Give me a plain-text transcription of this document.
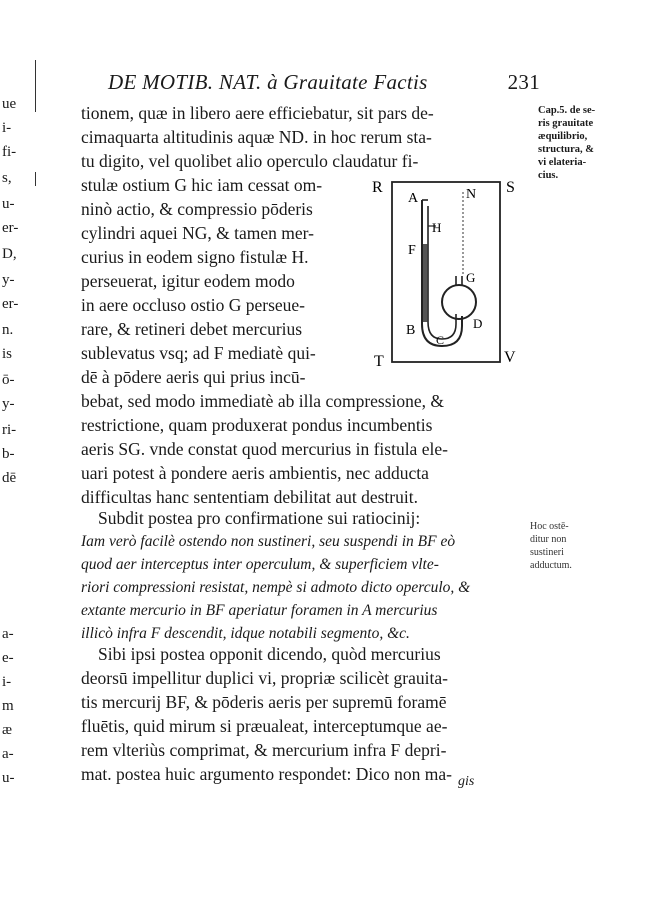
ue
i-
fi-
s,
u-
er-
D,
y-
er-
n.
is
ō-
y-
ri-
b-
dē
a-
e-
i-
m
æ
a-
u-
DE MOTIB. NAT. à Grauitate Factis	231
tionem, quæ in libero aere efficiebatur, sit pars de-
cimaquarta altitudinis aquæ ND. in hoc rerum sta-
tu digito, vel quolibet alio operculo claudatur fi-
stulæ ostium G hic iam cessat om-
ninò actio, & compressio pōderis
cylindri aquei NG, & tamen mer-
curius in eodem signo fistulæ H.
perseuerat, igitur eodem modo
in aere occluso ostio G perseue-
rare, & retineri debet mercurius
sublevatus vsq; ad F mediatè qui-
dē à pōdere aeris qui prius incū-
bebat, sed modo immediatè ab illa compressione, &
restrictione, quam produxerat pondus incumbentis
aeris SG. vnde constat quod mercurius in fistula ele-
uari potest à pondere aeris ambientis, nec adducta
difficultas hanc sententiam debilitat aut destruit.
Subdit postea pro confirmatione sui ratiocinij:
Iam verò facilè ostendo non sustineri, seu suspendi in BF eò
quod aer interceptus inter operculum, & superficiem vlte-
riori compressioni resistat, nempè si admoto dicto operculo, &
extante mercurio in BF aperiatur foramen in A mercurius
illicò infra F descendit, idque notabili segmento, &c.
Sibi ipsi postea opponit dicendo, quòd mercurius
deorsū impellitur duplici vi, propriæ scilicèt grauita-
tis mercurij BF, & pōderis aeris per supremū foramē
fluētis, quid mirum si præualeat, interceptumque ae-
rem vlteriùs comprimat, & mercurium infra F depri-
mat. postea huic argumento respondet: Dico non ma-
Cap.5. de se-
ris grauitate
æquilibrio,
structura, &
vi elateria-
cius.
Hoc ostē-
ditur non
sustineri
adductum.
R	S
T	V
A	N
H
F
G
B
C
D
gis
